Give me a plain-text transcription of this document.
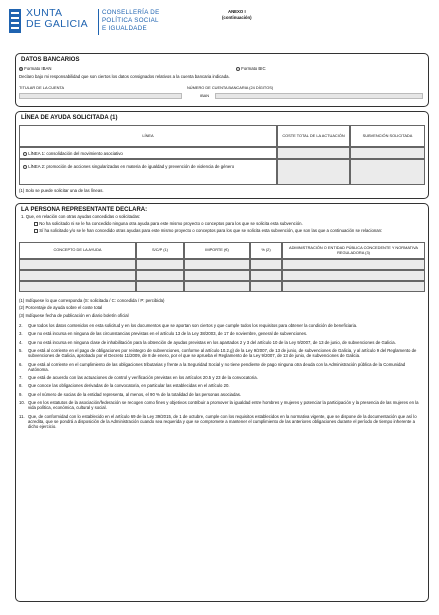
XUNTA
DE GALICIA
CONSELLERÍA DE
POLÍTICA SOCIAL
E IGUALDADE
ANEXO I
(continuación)
DATOS BANCARIOS
Formato IBAN	Formato BIC
Declaro bajo mi responsabilidad que son ciertos los datos consignados relativos a la cuenta bancaria indicada.
TITULAR DE LA CUENTA	NÚMERO DE CUENTA BANCARIA (24 DÍGITOS)
IBAN
LÍNEA DE AYUDA SOLICITADA (1)
LÍNEA	COSTE TOTAL DE LA ACTUACIÓN	SUBVENCIÓN SOLICITADA
LÍNEA 1: consolidación del movimiento asociativo
LÍNEA 2: promoción de acciones singularizadas en materia de igualdad y prevención de violencia de género
(1) Solo se puede solicitar una de las líneas.
LA PERSONA REPRESENTANTE DECLARA:
1. Que, en relación con otras ayudas concedidas o solicitadas:
No ha solicitado ni se le ha concedido ninguna otra ayuda para este mismo proyecto o conceptos para los que se solicita esta subvención.
Sí ha solicitado y/o se le han concedido otras ayudas para este mismo proyecto o conceptos para los que se solicita esta subvención, que son las que a continuación se relacionan:
CONCEPTO DE LA AYUDA	S/C/P (1)	IMPORTE (€)	% (2)	ADMINISTRACIÓN O ENTIDAD PÚBLICA CONCEDENTE Y NORMATIVA REGULADORA (3)
(1) Indíquese lo que corresponda (S: solicitada / C: concedida / P: percibida)
(2) Porcentaje de ayuda sobre el coste total
(3) Indíquese fecha de publicación en diario boletín oficial

2.	Que todos los datos contenidos en esta solicitud y en los documentos que se aportan son ciertos y que cumple todos los requisitos para obtener la condición de beneficiaria.

3.	Que no está incursa en ninguna de las circunstancias previstas en el artículo 13 de la Ley 38/2003, de 17 de noviembre, general de subvenciones.

4.	Que no está incursa en ninguna clase de inhabilitación para la obtención de ayudas previstas en los apartados 2 y 3 del artículo 10 de la Ley 9/2007, de 13 de junio, de subvenciones de Galicia.

5.	Que está al corriente en el pago de obligaciones por reintegro de subvenciones, conforme al artículo 10.2.g) de la Ley 9/2007, de 13 de junio, de subvenciones de Galicia, y al artículo 9 del Reglamento de subvenciones de Galicia, aprobado por el Decreto 11/2009, de 8 de enero, por el que se aprueba el Reglamento de la Ley 9/2007, de 13 de junio, de subvenciones de Galicia.

6.	Que está al corriente en el cumplimiento de las obligaciones tributarias y frente a la Seguridad Social y no tiene pendiente de pago ninguna otra deuda con la Administración pública de la Comunidad Autónoma.

7.	Que está de acuerdo con las actuaciones de control y verificación previstas en los artículos 20.5 y 23 de la convocatoria.

8.	Que conoce las obligaciones derivadas de la convocatoria, en particular las establecidas en el artículo 20.

9.	Que el número de socias de la entidad representa, al menos, el 90 % de la totalidad de las personas asociadas.

10. Que en los estatutos de la asociación/federación se recogen como fines y objetivos contribuir a promover la igualdad entre hombres y mujeres y potenciar la participación y la presencia de las mujeres en la vida política, económica, cultural y social.

11. Que, de conformidad con lo establecido en el artículo 69 de la Ley 39/2015, de 1 de octubre, cumple con los requisitos establecidos en la normativa vigente, que se dispone de la documentación que así lo acredita, que se pondrá a disposición de la Administración cuando sea requerida y que se compromete a mantener el cumplimiento de las anteriores obligaciones durante el período de tiempo inherente a dicho ejercicio.
